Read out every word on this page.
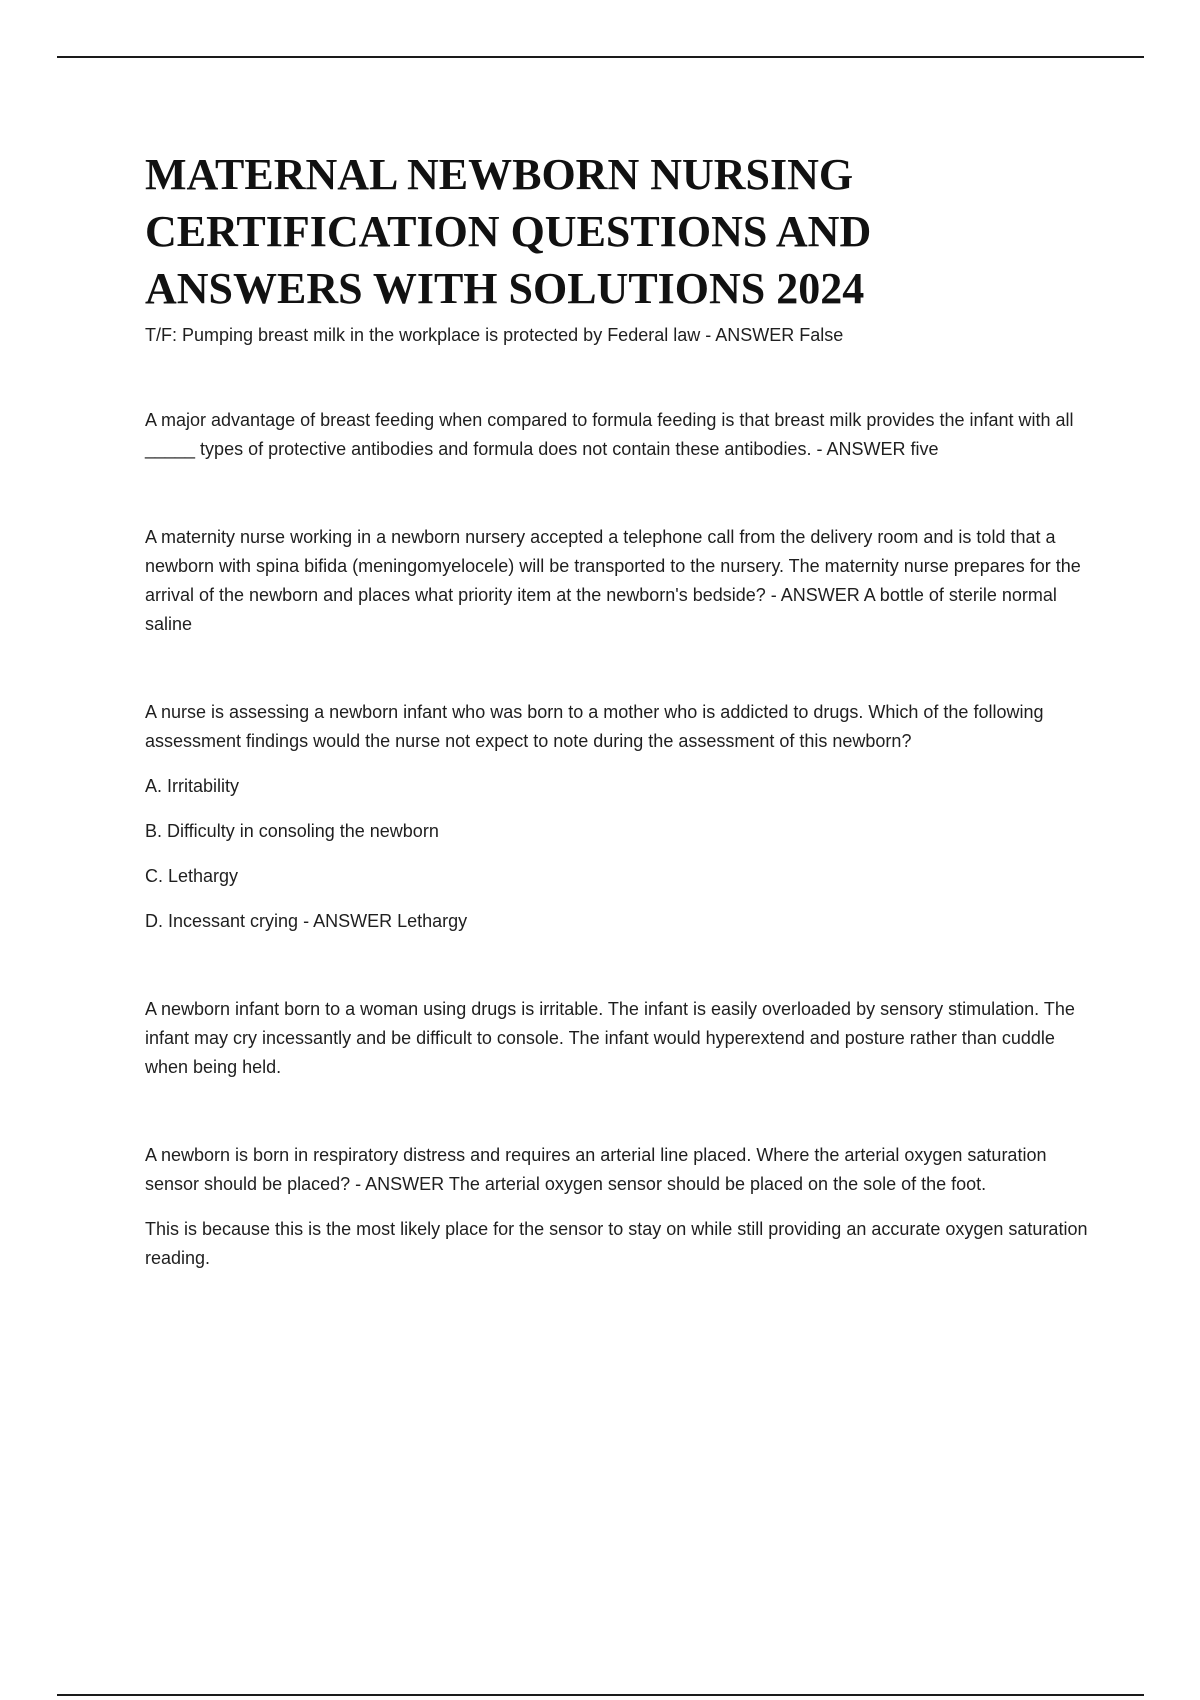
MATERNAL NEWBORN NURSING CERTIFICATION QUESTIONS AND ANSWERS WITH SOLUTIONS 2024

T/F: Pumping breast milk in the workplace is protected by Federal law - ANSWER False

A major advantage of breast feeding when compared to formula feeding is that breast milk provides the infant with all _____ types of protective antibodies and formula does not contain these antibodies. - ANSWER five

A maternity nurse working in a newborn nursery accepted a telephone call from the delivery room and is told that a newborn with spina bifida (meningomyelocele) will be transported to the nursery. The maternity nurse prepares for the arrival of the newborn and places what priority item at the newborn's bedside? - ANSWER A bottle of sterile normal saline

A nurse is assessing a newborn infant who was born to a mother who is addicted to drugs. Which of the following assessment findings would the nurse not expect to note during the assessment of this newborn?

A. Irritability

B. Difficulty in consoling the newborn

C. Lethargy

D. Incessant crying - ANSWER Lethargy

A newborn infant born to a woman using drugs is irritable. The infant is easily overloaded by sensory stimulation. The infant may cry incessantly and be difficult to console. The infant would hyperextend and posture rather than cuddle when being held.

A newborn is born in respiratory distress and requires an arterial line placed. Where the arterial oxygen saturation sensor should be placed? - ANSWER The arterial oxygen sensor should be placed on the sole of the foot.

This is because this is the most likely place for the sensor to stay on while still providing an accurate oxygen saturation reading.
